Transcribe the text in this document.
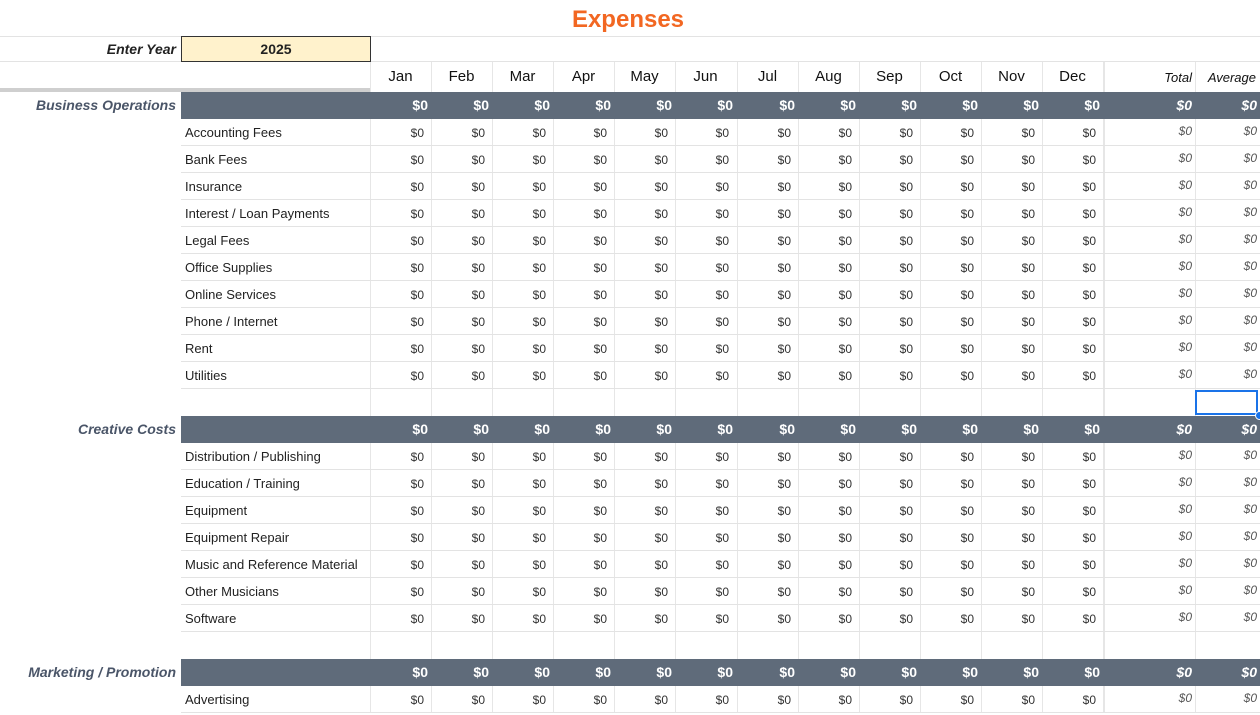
Expenses
Enter Year	2025
Jan	Feb	Mar	Apr	May	Jun	Jul	Aug	Sep	Oct	Nov	Dec	Total	Average
Business Operations	$0	$0	$0	$0	$0	$0	$0	$0	$0	$0	$0	$0	$0	$0
Accounting Fees	$0	$0	$0	$0	$0	$0	$0	$0	$0	$0	$0	$0	$0	$0
Bank Fees	$0	$0	$0	$0	$0	$0	$0	$0	$0	$0	$0	$0	$0	$0
Insurance	$0	$0	$0	$0	$0	$0	$0	$0	$0	$0	$0	$0	$0	$0
Interest / Loan Payments	$0	$0	$0	$0	$0	$0	$0	$0	$0	$0	$0	$0	$0	$0
Legal Fees	$0	$0	$0	$0	$0	$0	$0	$0	$0	$0	$0	$0	$0	$0
Office Supplies	$0	$0	$0	$0	$0	$0	$0	$0	$0	$0	$0	$0	$0	$0
Online Services	$0	$0	$0	$0	$0	$0	$0	$0	$0	$0	$0	$0	$0	$0
Phone / Internet	$0	$0	$0	$0	$0	$0	$0	$0	$0	$0	$0	$0	$0	$0
Rent	$0	$0	$0	$0	$0	$0	$0	$0	$0	$0	$0	$0	$0	$0
Utilities	$0	$0	$0	$0	$0	$0	$0	$0	$0	$0	$0	$0	$0	$0
Creative Costs	$0	$0	$0	$0	$0	$0	$0	$0	$0	$0	$0	$0	$0	$0
Distribution / Publishing	$0	$0	$0	$0	$0	$0	$0	$0	$0	$0	$0	$0	$0	$0
Education / Training	$0	$0	$0	$0	$0	$0	$0	$0	$0	$0	$0	$0	$0	$0
Equipment	$0	$0	$0	$0	$0	$0	$0	$0	$0	$0	$0	$0	$0	$0
Equipment Repair	$0	$0	$0	$0	$0	$0	$0	$0	$0	$0	$0	$0	$0	$0
Music and Reference Material	$0	$0	$0	$0	$0	$0	$0	$0	$0	$0	$0	$0	$0	$0
Other Musicians	$0	$0	$0	$0	$0	$0	$0	$0	$0	$0	$0	$0	$0	$0
Software	$0	$0	$0	$0	$0	$0	$0	$0	$0	$0	$0	$0	$0	$0
Marketing / Promotion	$0	$0	$0	$0	$0	$0	$0	$0	$0	$0	$0	$0	$0	$0
Advertising	$0	$0	$0	$0	$0	$0	$0	$0	$0	$0	$0	$0	$0	$0
